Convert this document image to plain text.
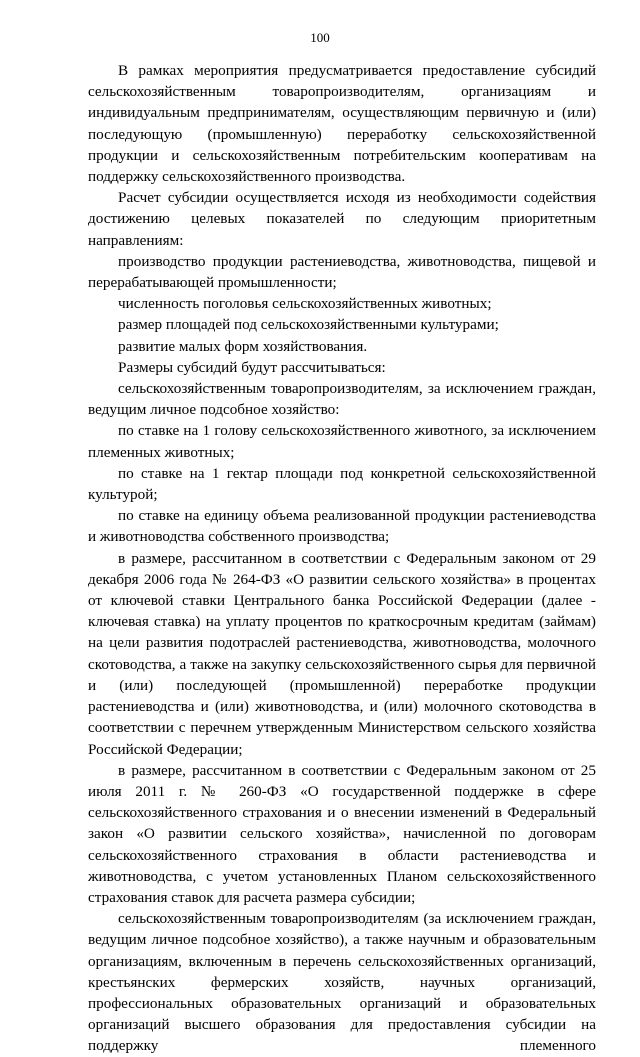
100

В рамках мероприятия предусматривается предоставление субсидий сельскохозяйственным товаропроизводителям, организациям и индивидуальным предпринимателям, осуществляющим первичную и (или) последующую (промышленную) переработку сельскохозяйственной продукции и сельскохозяйственным потребительским кооперативам на поддержку сельскохозяйственного производства.

Расчет субсидии осуществляется исходя из необходимости содействия достижению целевых показателей по следующим приоритетным направлениям:

производство продукции растениеводства, животноводства, пищевой и перерабатывающей промышленности;

численность поголовья сельскохозяйственных животных;

размер площадей под сельскохозяйственными культурами;

развитие малых форм хозяйствования.

Размеры субсидий будут рассчитываться:

сельскохозяйственным товаропроизводителям, за исключением граждан, ведущим личное подсобное хозяйство:

по ставке на 1 голову сельскохозяйственного животного, за исключением племенных животных;

по ставке на 1 гектар площади под конкретной сельскохозяйственной культурой;

по ставке на единицу объема реализованной продукции растениеводства и животноводства собственного производства;

в размере, рассчитанном в соответствии с Федеральным законом от 29 декабря 2006 года № 264-ФЗ «О развитии сельского хозяйства» в процентах от ключевой ставки Центрального банка Российской Федерации (далее - ключевая ставка) на уплату процентов по краткосрочным кредитам (займам) на цели развития подотраслей растениеводства, животноводства, молочного скотоводства, а также на закупку сельскохозяйственного сырья для первичной и (или) последующей (промышленной) переработке продукции растениеводства и (или) животноводства, и (или) молочного скотоводства в соответствии с перечнем утвержденным Министерством сельского хозяйства Российской Федерации;

в размере, рассчитанном в соответствии с Федеральным законом от 25 июля 2011 г. № 260-ФЗ «О государственной поддержке в сфере сельскохозяйственного страхования и о внесении изменений в Федеральный закон «О развитии сельского хозяйства», начисленной по договорам сельскохозяйственного страхования в области растениеводства и животноводства, с учетом установленных Планом сельскохозяйственного страхования ставок для расчета размера субсидии;

сельскохозяйственным товаропроизводителям (за исключением граждан, ведущим личное подсобное хозяйство), а также научным и образовательным организациям, включенным в перечень сельскохозяйственных организаций, крестьянских фермерских хозяйств, научных организаций, профессиональных образовательных организаций и образовательных организаций высшего образования для предоставления субсидии на поддержку племенного
